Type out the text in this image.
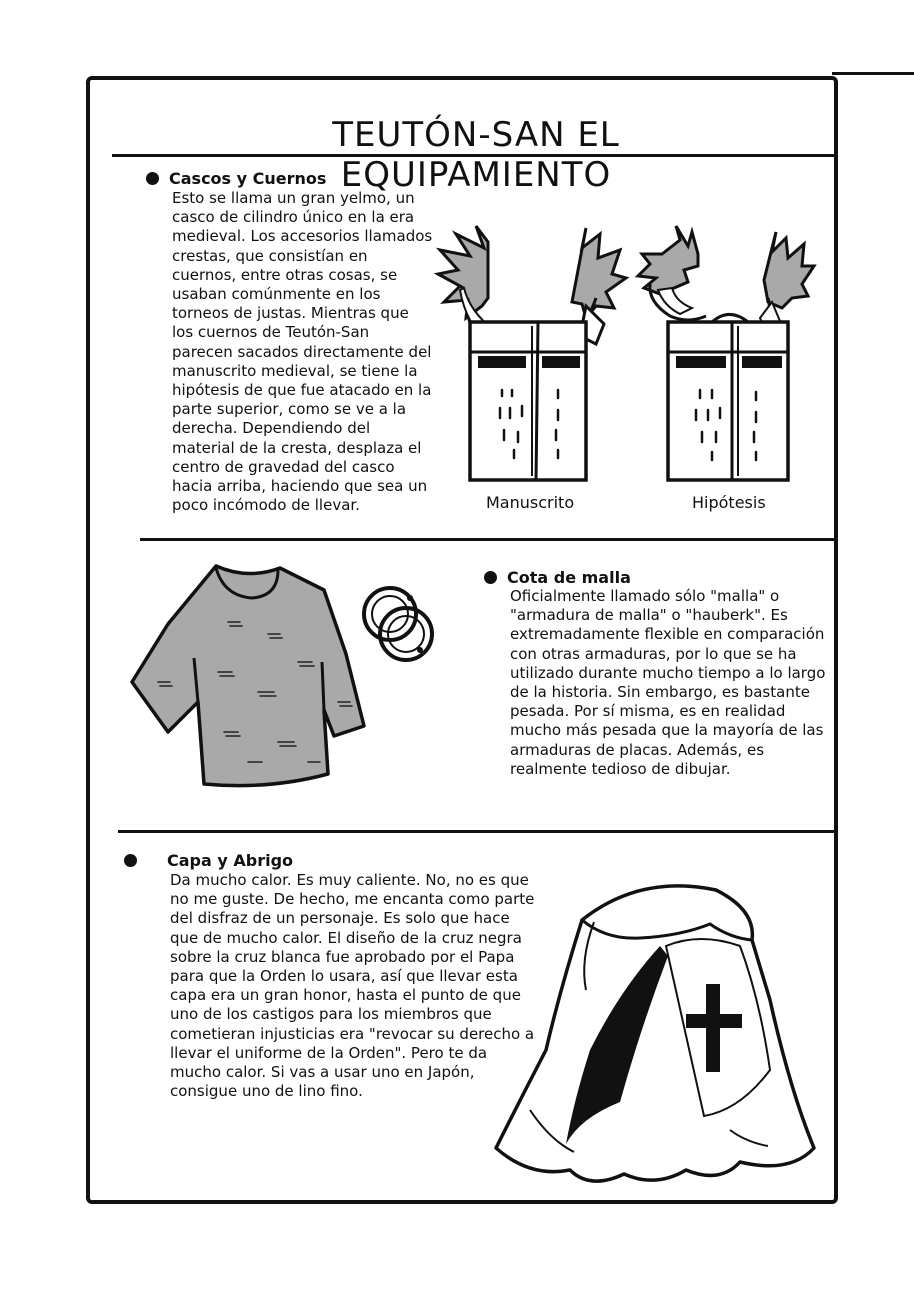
TEUTÓN-SAN EL EQUIPAMIENTO
Cascos y Cuernos

Esto se llama un gran yelmo, un casco de cilindro único en la era medieval. Los accesorios llamados crestas, que consistían en cuernos, entre otras cosas, se usaban comúnmente en los torneos de justas. Mientras que los cuernos de Teutón-San parecen sacados directamente del manuscrito medieval, se tiene la hipótesis de que fue atacado en la parte superior, como se ve a la derecha. Dependiendo del material de la cresta, desplaza el centro de gravedad del casco hacia arriba, haciendo que sea un poco incómodo de llevar.	Manuscrito	Hipótesis
Cota de malla

Oficialmente llamado sólo "malla" o "armadura de malla" o "hauberk". Es extremadamente flexible en comparación con otras armaduras, por lo que se ha utilizado durante mucho tiempo a lo largo de la historia. Sin embargo, es bastante pesada. Por sí misma, es en realidad mucho más pesada que la mayoría de las armaduras de placas. Además, es realmente tedioso de dibujar.

Capa y Abrigo

Da mucho calor. Es muy caliente. No, no es que no me guste. De hecho, me encanta como parte del disfraz de un personaje. Es solo que hace que de mucho calor. El diseño de la cruz negra sobre la cruz blanca fue aprobado por el Papa para que la Orden lo usara, así que llevar esta capa era un gran honor, hasta el punto de que uno de los castigos para los miembros que cometieran injusticias era "revocar su derecho a llevar el uniforme de la Orden". Pero te da mucho calor. Si vas a usar uno en Japón, consigue uno de lino fino.
